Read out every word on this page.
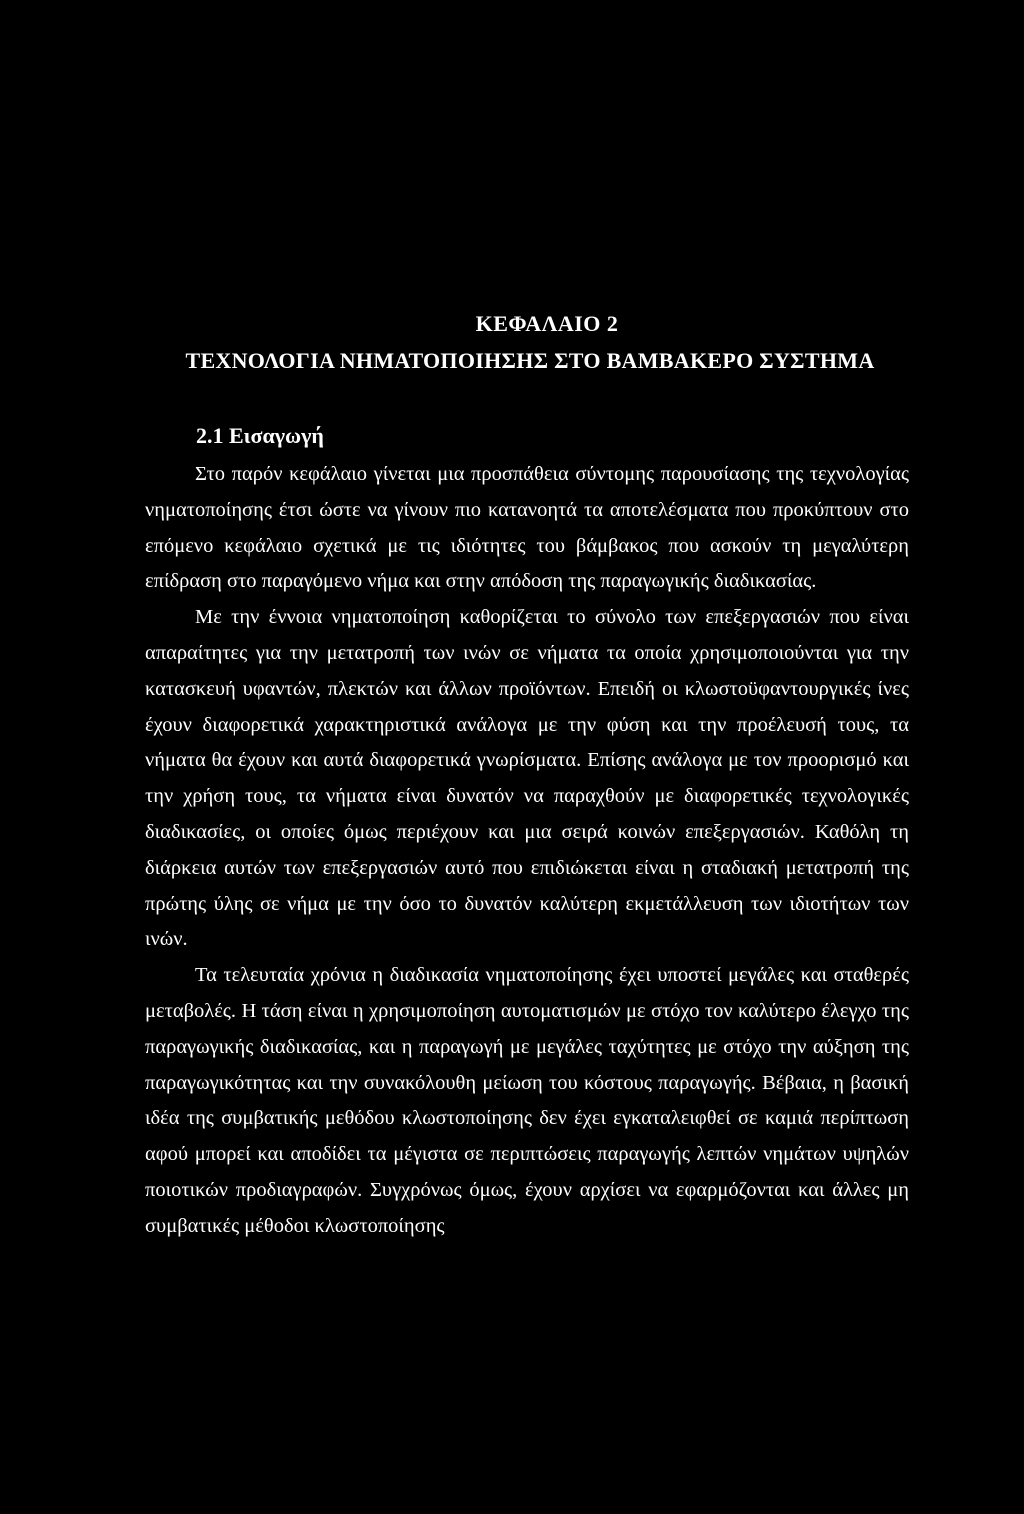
ΚΕΦΑΛΑΙΟ 2
ΤΕΧΝΟΛΟΓΙΑ ΝΗΜΑΤΟΠΟΙΗΣΗΣ ΣΤΟ ΒΑΜΒΑΚΕΡΟ ΣΥΣΤΗΜΑ
2.1 Εισαγωγή

Στο παρόν κεφάλαιο γίνεται μια προσπάθεια σύντομης παρουσίασης της τεχνολογίας νηματοποίησης έτσι ώστε να γίνουν πιο κατανοητά τα αποτελέσματα που προκύπτουν στο επόμενο κεφάλαιο σχετικά με τις ιδιότητες του βάμβακος που ασκούν τη μεγαλύτερη επίδραση στο παραγόμενο νήμα και στην απόδοση της παραγωγικής διαδικασίας.

Με την έννοια νηματοποίηση καθορίζεται το σύνολο των επεξεργασιών που είναι απαραίτητες για την μετατροπή των ινών σε νήματα τα οποία χρησιμοποιούνται για την κατασκευή υφαντών, πλεκτών και άλλων προϊόντων. Επειδή οι κλωστοϋφαντουργικές ίνες έχουν διαφορετικά χαρακτηριστικά ανάλογα με την φύση και την προέλευσή τους, τα νήματα θα έχουν και αυτά διαφορετικά γνωρίσματα. Επίσης ανάλογα με τον προορισμό και την χρήση τους, τα νήματα είναι δυνατόν να παραχθούν με διαφορετικές τεχνολογικές διαδικασίες, οι οποίες όμως περιέχουν και μια σειρά κοινών επεξεργασιών. Καθόλη τη διάρκεια αυτών των επεξεργασιών αυτό που επιδιώκεται είναι η σταδιακή μετατροπή της πρώτης ύλης σε νήμα με την όσο το δυνατόν καλύτερη εκμετάλλευση των ιδιοτήτων των ινών.

Τα τελευταία χρόνια η διαδικασία νηματοποίησης έχει υποστεί μεγάλες και σταθερές μεταβολές. Η τάση είναι η χρησιμοποίηση αυτοματισμών με στόχο τον καλύτερο έλεγχο της παραγωγικής διαδικασίας, και η παραγωγή με μεγάλες ταχύτητες με στόχο την αύξηση της παραγωγικότητας και την συνακόλουθη μείωση του κόστους παραγωγής. Βέβαια, η βασική ιδέα της συμβατικής μεθόδου κλωστοποίησης δεν έχει εγκαταλειφθεί σε καμιά περίπτωση αφού μπορεί και αποδίδει τα μέγιστα σε περιπτώσεις παραγωγής λεπτών νημάτων υψηλών ποιοτικών προδιαγραφών. Συγχρόνως όμως, έχουν αρχίσει να εφαρμόζονται και άλλες μη συμβατικές μέθοδοι κλωστοποίησης
